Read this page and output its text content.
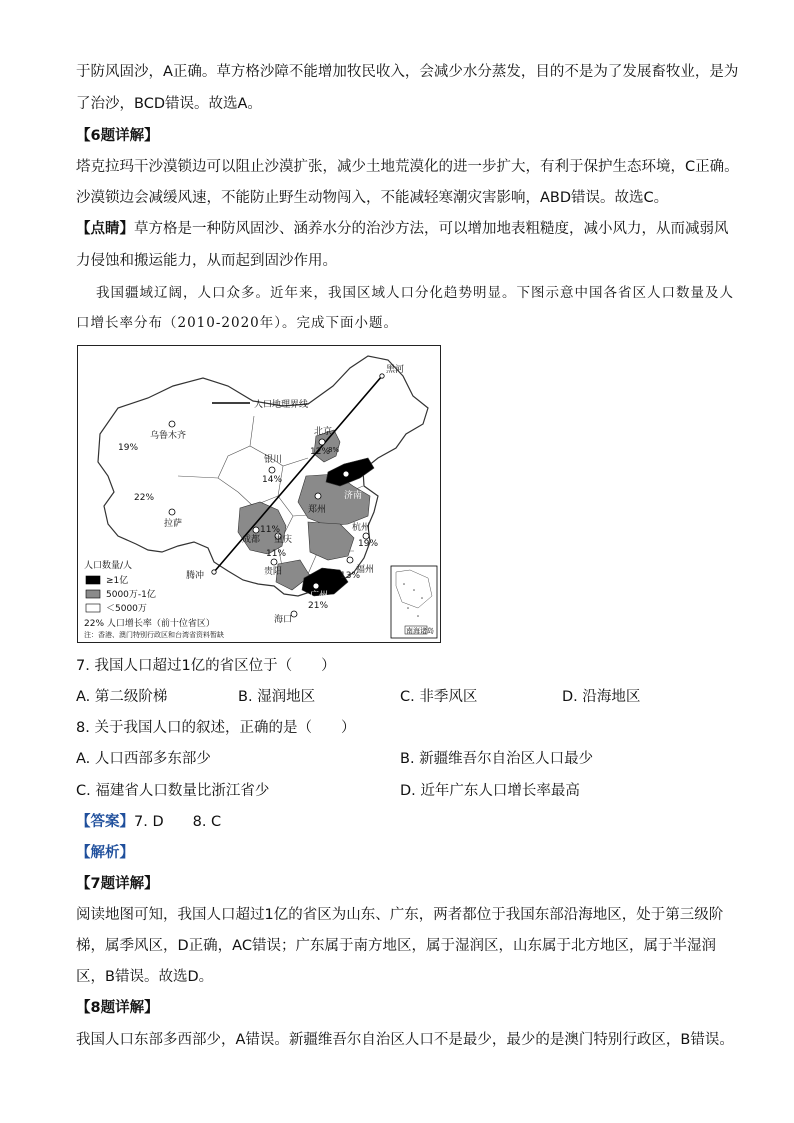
于防风固沙，A正确。草方格沙障不能增加牧民收入，会减少水分蒸发，目的不是为了发展畜牧业，是为
了治沙，BCD错误。故选A。
【6题详解】
塔克拉玛干沙漠锁边可以阻止沙漠扩张，减少土地荒漠化的进一步扩大，有利于保护生态环境，C正确。
沙漠锁边会减缓风速，不能防止野生动物闯入，不能减轻寒潮灾害影响，ABD错误。故选C。
【点睛】草方格是一种防风固沙、涵养水分的治沙方法，可以增加地表粗糙度，减小风力，从而减弱风
力侵蚀和搬运能力，从而起到固沙作用。
我国疆域辽阔，人口众多。近年来，我国区域人口分化趋势明显。下图示意中国各省区人口数量及人
口增长率分布（2010-2020年）。完成下面小题。
人口地理界线
黑河
腾冲
乌鲁木齐
拉萨
银川
北京
济南
郑州
成都 重庆
贵阳
杭州
福州
广州
海口
19%
22%
14%
12%
8%
11%
11%
19%
13%
21%
人口数量/人
≥1亿
5000万-1亿
＜5000万
22% 人口增长率（前十位省区）
注：香港、澳门特别行政区和台湾省资料暂缺	南海诸岛
7. 我国人口超过1亿的省区位于（　　）
A. 第二级阶梯	B. 湿润地区	C. 非季风区	D. 沿海地区
8. 关于我国人口的叙述，正确的是（　　）
A. 人口西部多东部少	B. 新疆维吾尔自治区人口最少
C. 福建省人口数量比浙江省少	D. 近年广东人口增长率最高
【答案】7. D　　8. C
【解析】
【7题详解】
阅读地图可知，我国人口超过1亿的省区为山东、广东，两者都位于我国东部沿海地区，处于第三级阶
梯，属季风区，D正确，AC错误；广东属于南方地区，属于湿润区，山东属于北方地区，属于半湿润
区，B错误。故选D。
【8题详解】
我国人口东部多西部少，A错误。新疆维吾尔自治区人口不是最少，最少的是澳门特别行政区，B错误。
